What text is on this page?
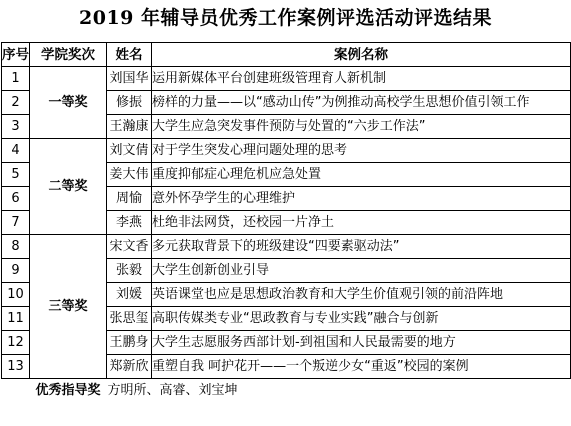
2019 年辅导员优秀工作案例评选活动评选结果
序号	学院奖次	姓名	案例名称
1	一等奖	刘国华	运用新媒体平台创建班级管理育人新机制
2		修振	榜样的力量——以“感动山传”为例推动高校学生思想价值引领工作
3		王瀚康	大学生应急突发事件预防与处置的“六步工作法”
4	二等奖	刘文倩	对于学生突发心理问题处理的思考
5		姜大伟	重度抑郁症心理危机应急处置
6		周愉	意外怀孕学生的心理维护
7		李燕	杜绝非法网贷，还校园一片净土
8	三等奖	宋文香	多元获取背景下的班级建设“四要素驱动法”
9		张毅	大学生创新创业引导
10		刘媛	英语课堂也应是思想政治教育和大学生价值观引领的前沿阵地
11		张思玺	高职传媒类专业“思政教育与专业实践”融合与创新
12		王鹏身	大学生志愿服务西部计划-到祖国和人民最需要的地方
13		郑新欣	重塑自我 呵护花开——一个叛逆少女“重返”校园的案例
	优秀指导奖	方明所、高睿、刘宝坤	
